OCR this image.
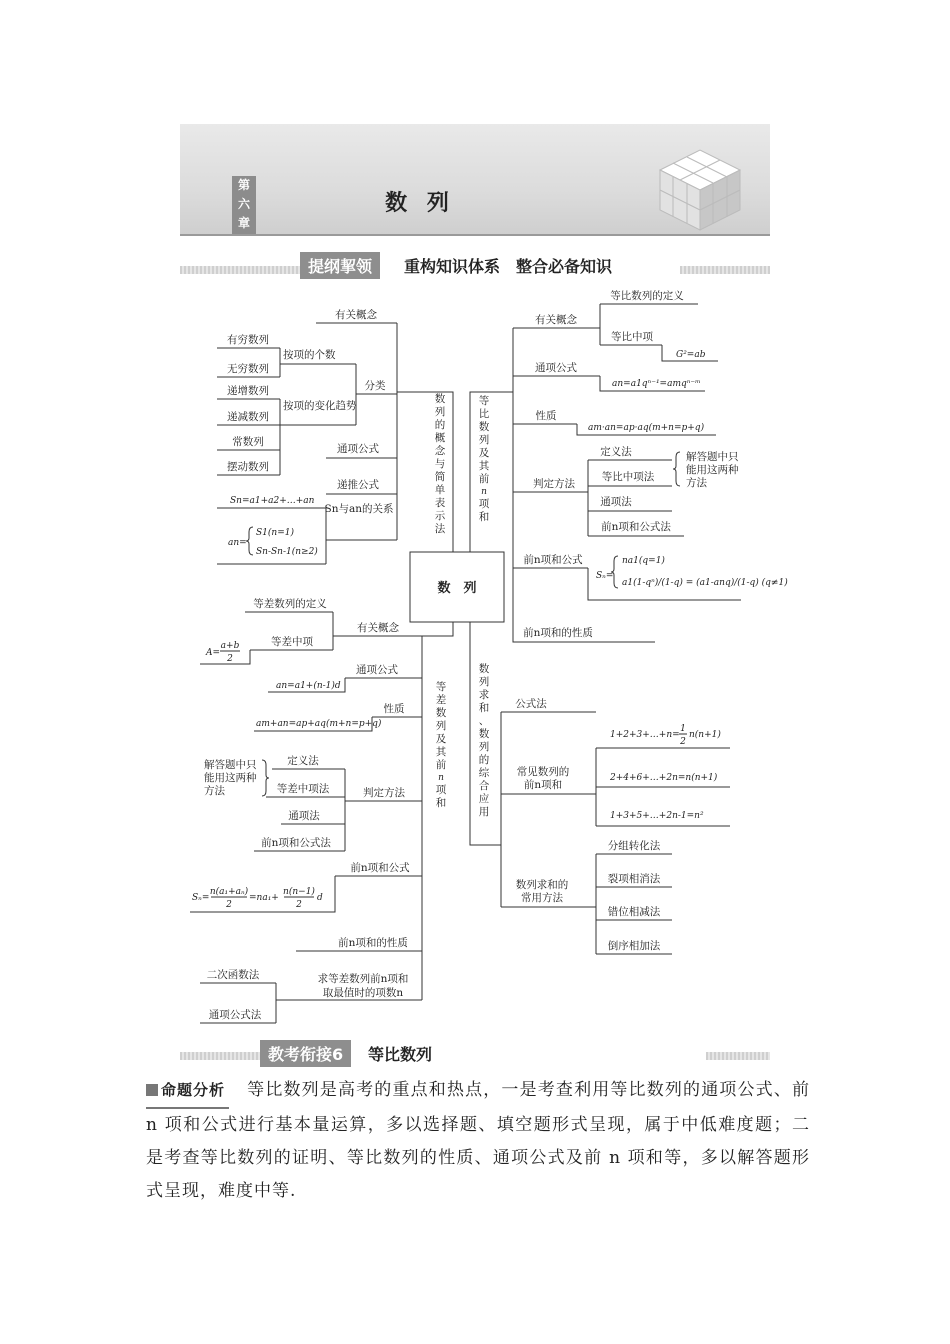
第
六
章
数 列
提纲挈领	重构知识体系　整合必备知识
数　列
数
列
的
概
念
与
简
单
表
示
法
有关概念
分类
按项的个数
有穷数列
无穷数列
按项的变化趋势
递增数列
递减数列
常数列
摆动数列
通项公式
递推公式
Sn与an的关系
Sn=a1+a2+…+an
an=
S1(n=1)
Sn-Sn-1(n≥2)
等
比
数
列
及
其
前
n
项
和
有关概念
等比数列的定义
等比中项
G²=ab
通项公式
an=a1qⁿ⁻¹=amqⁿ⁻ᵐ
性质
am·an=ap·aq(m+n=p+q)
判定方法
定义法
等比中项法
通项法
前n项和公式法
解答题中只能用这两种方法
前n项和公式
Sₙ=
na1(q=1)
a1(1-qⁿ)/(1-q) = (a1-anq)/(1-q) (q≠1)
前n项和的性质
等
差
数
列
及
其
前
n
项
和
有关概念
等差数列的定义
等差中项
A=
a+b
2
通项公式
an=a1+(n-1)d
性质
am+an=ap+aq(m+n=p+q)
判定方法
定义法
等差中项法
通项法
前n项和公式法
解答题中只能用这两种方法
前n项和公式
Sₙ=
n(a₁+aₙ)
2
=na₁+
n(n−1)
2
d
前n项和的性质
求等差数列前n项和取最值时的项数n
二次函数法
通项公式法
数
列
求
和
、
数
列
的
综
合
应
用
公式法
常见数列的前n项和
1+2+3+…+n=
1
2
n(n+1)
2+4+6+…+2n=n(n+1)
1+3+5+…+2n-1=n²
数列求和的常用方法
分组转化法
裂项相消法
错位相减法
倒序相加法
教考衔接6	等比数列
命题分析 等比数列是高考的重点和热点，一是考查利用等比数列的通项公式、前 n 项和公式进行基本量运算，多以选择题、填空题形式呈现，属于中低难度题；二是考查等比数列的证明、等比数列的性质、通项公式及前 n 项和等，多以解答题形式呈现，难度中等.
